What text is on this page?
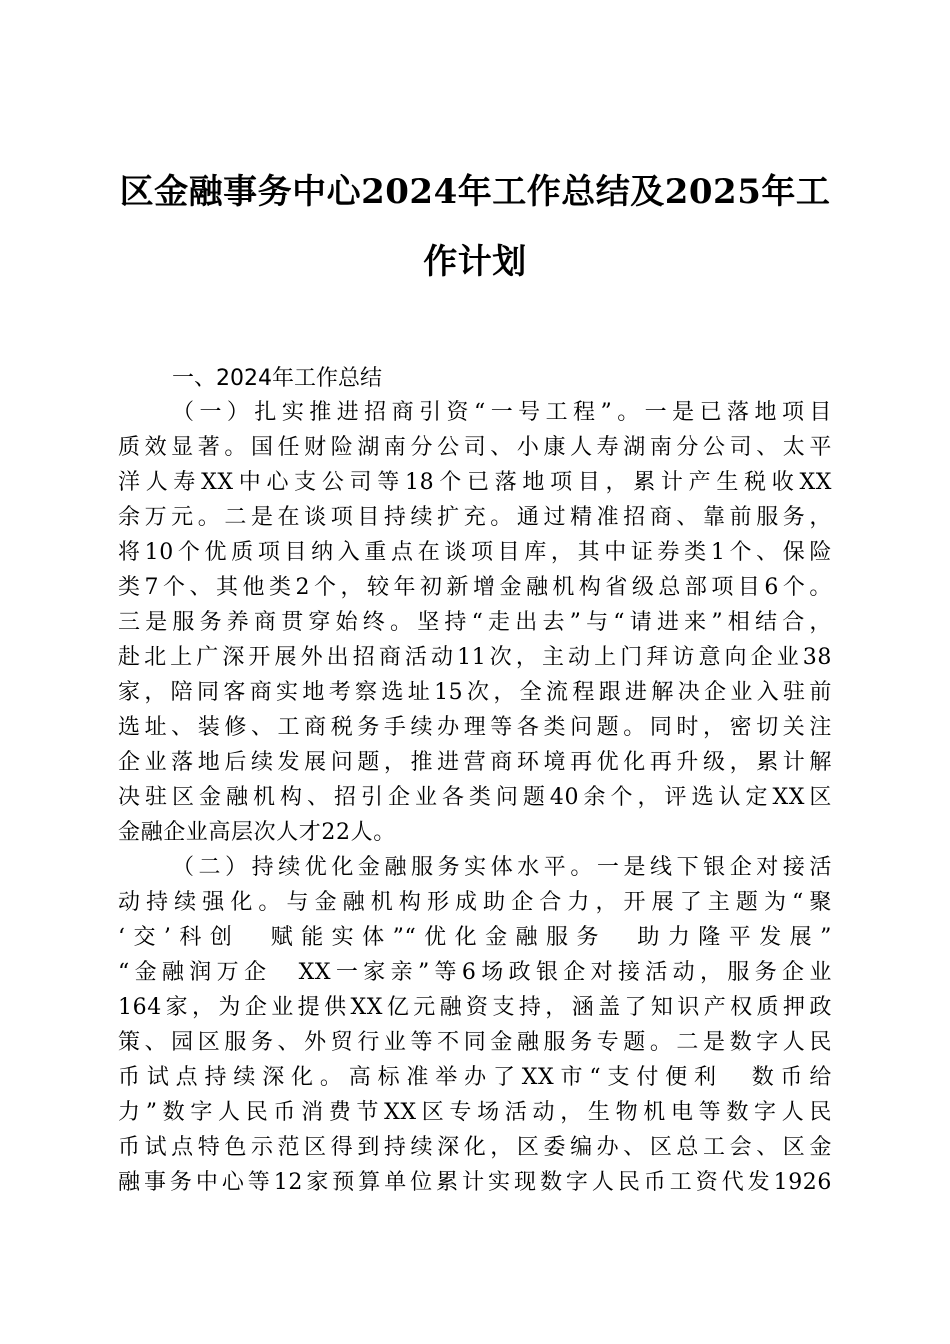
区金融事务中心2024年工作总结及2025年工
作计划
一、2024年工作总结
（一）扎实推进招商引资“一号工程”。一是已落地项目
质效显著。国任财险湖南分公司、小康人寿湖南分公司、太平
洋人寿XX中心支公司等18个已落地项目，累计产生税收XX
余万元。二是在谈项目持续扩充。通过精准招商、靠前服务，
将10个优质项目纳入重点在谈项目库，其中证券类1个、保险
类7个、其他类2个，较年初新增金融机构省级总部项目6个。
三是服务养商贯穿始终。坚持“走出去”与“请进来”相结合，
赴北上广深开展外出招商活动11次，主动上门拜访意向企业38
家，陪同客商实地考察选址15次，全流程跟进解决企业入驻前
选址、装修、工商税务手续办理等各类问题。同时，密切关注
企业落地后续发展问题，推进营商环境再优化再升级，累计解
决驻区金融机构、招引企业各类问题40余个，评选认定XX区
金融企业高层次人才22人。
（二）持续优化金融服务实体水平。一是线下银企对接活
动持续强化。与金融机构形成助企合力，开展了主题为“聚
‘交’科创　赋能实体”“优化金融服务　助力隆平发展”
“金融润万企　XX一家亲”等6场政银企对接活动，服务企业
164家，为企业提供XX亿元融资支持，涵盖了知识产权质押政
策、园区服务、外贸行业等不同金融服务专题。二是数字人民
币试点持续深化。高标准举办了XX市“支付便利　数币给
力”数字人民币消费节XX区专场活动，生物机电等数字人民
币试点特色示范区得到持续深化，区委编办、区总工会、区金
融事务中心等12家预算单位累计实现数字人民币工资代发1926
